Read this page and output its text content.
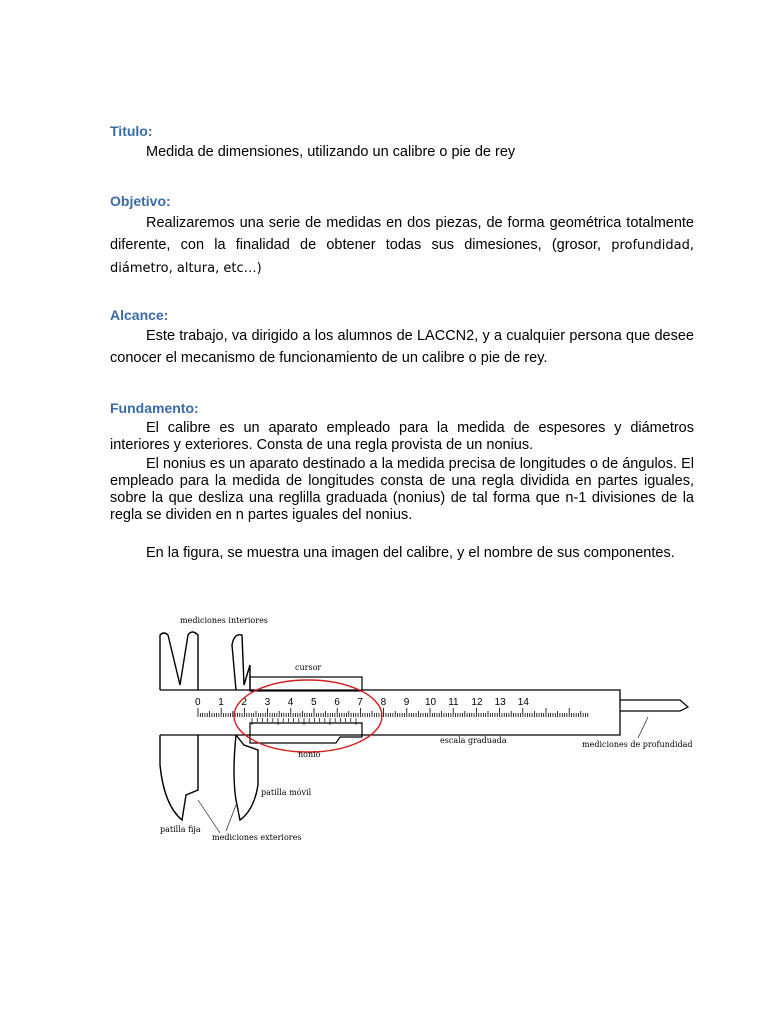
Titulo:
Medida de dimensiones, utilizando un calibre o pie de rey
Objetivo:
Realizaremos una serie de medidas en dos piezas, de forma geométrica totalmente diferente, con la finalidad de obtener todas sus dimesiones, (grosor, profundidad, diámetro, altura, etc…)
Alcance:
Este trabajo, va dirigido a los alumnos de LACCN2, y a cualquier persona que desee conocer el mecanismo de funcionamiento de un calibre o pie de rey.
Fundamento:
El calibre es un aparato empleado para la medida de espesores y diámetros interiores y exteriores. Consta de una regla provista de un nonius.
El nonius es un aparato destinado a la medida precisa de longitudes o de ángulos. El empleado para la medida de longitudes consta de una regla dividida en partes iguales, sobre la que desliza una reglilla graduada (nonius) de tal forma que n-1 divisiones de la regla se dividen en n partes iguales del nonius.
En la figura, se muestra una imagen del calibre, y el nombre de sus componentes.
0 1 2 3 4 5 6 7 8 9 10 11 12 13 14
mediciones interiores
cursor
escala graduada	mediciones de profundidad
nonio
patilla móvil
patilla fija
mediciones exteriores
